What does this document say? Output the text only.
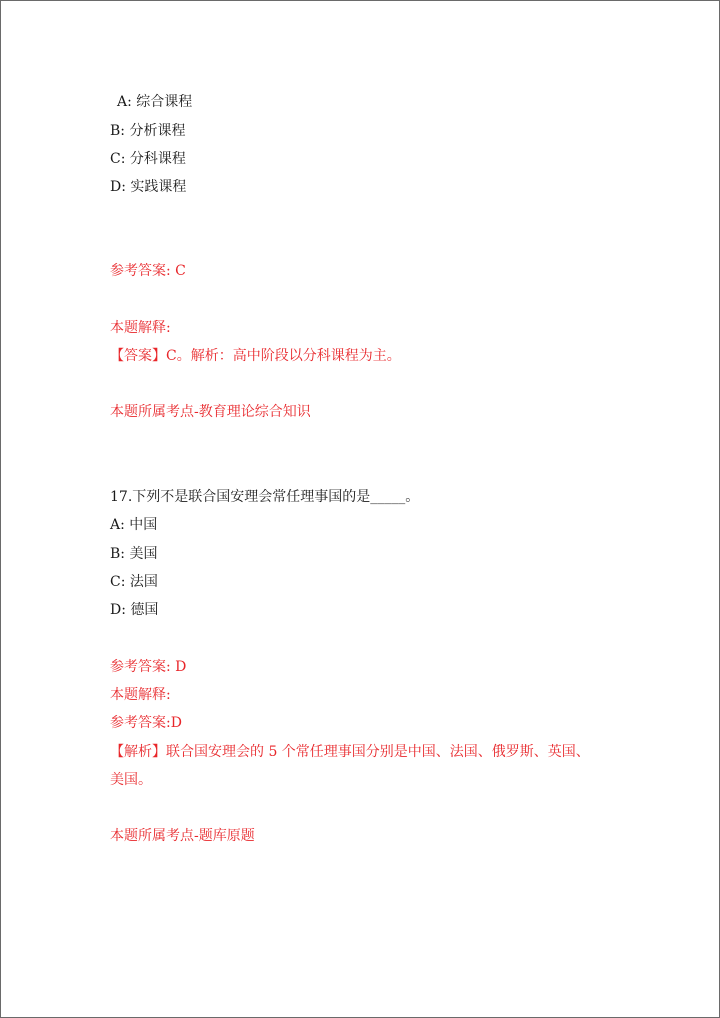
A: 综合课程
B: 分析课程
C: 分科课程
D: 实践课程
参考答案: C
本题解释:
【答案】C。解析：高中阶段以分科课程为主。
本题所属考点-教育理论综合知识
17.下列不是联合国安理会常任理事国的是_____。
A: 中国
B: 美国
C: 法国
D: 德国
参考答案: D
本题解释:
参考答案:D
【解析】联合国安理会的 5 个常任理事国分别是中国、法国、俄罗斯、英国、
美国。
本题所属考点-题库原题
